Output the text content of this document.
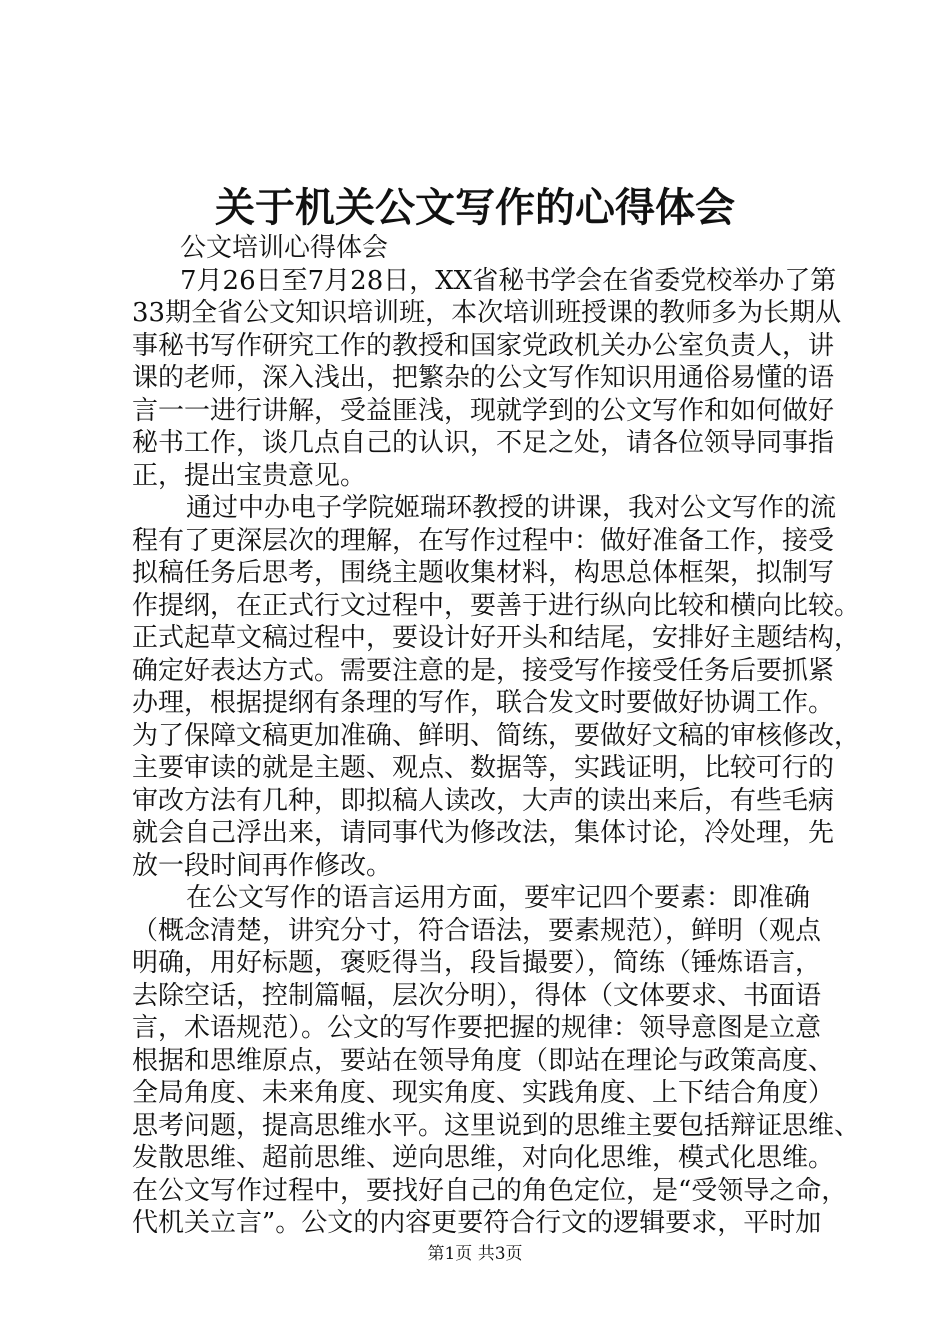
关于机关公文写作的心得体会
公文培训心得体会
7月26日至7月28日，XX省秘书学会在省委党校举办了第
33期全省公文知识培训班，本次培训班授课的教师多为长期从
事秘书写作研究工作的教授和国家党政机关办公室负责人，讲
课的老师，深入浅出，把繁杂的公文写作知识用通俗易懂的语
言一一进行讲解，受益匪浅，现就学到的公文写作和如何做好
秘书工作，谈几点自己的认识，不足之处，请各位领导同事指
正，提出宝贵意见。
通过中办电子学院姬瑞环教授的讲课，我对公文写作的流
程有了更深层次的理解，在写作过程中：做好准备工作，接受
拟稿任务后思考，围绕主题收集材料，构思总体框架，拟制写
作提纲，在正式行文过程中，要善于进行纵向比较和横向比较。
正式起草文稿过程中，要设计好开头和结尾，安排好主题结构，
确定好表达方式。需要注意的是，接受写作接受任务后要抓紧
办理，根据提纲有条理的写作，联合发文时要做好协调工作。
为了保障文稿更加准确、鲜明、简练，要做好文稿的审核修改，
主要审读的就是主题、观点、数据等，实践证明，比较可行的
审改方法有几种，即拟稿人读改，大声的读出来后，有些毛病
就会自己浮出来，请同事代为修改法，集体讨论，冷处理，先
放一段时间再作修改。
在公文写作的语言运用方面，要牢记四个要素：即准确
（概念清楚，讲究分寸，符合语法，要素规范），鲜明（观点
明确，用好标题，褒贬得当，段旨撮要），简练（锤炼语言，
去除空话，控制篇幅，层次分明），得体（文体要求、书面语
言，术语规范）。公文的写作要把握的规律：领导意图是立意
根据和思维原点，要站在领导角度（即站在理论与政策高度、
全局角度、未来角度、现实角度、实践角度、上下结合角度）
思考问题，提高思维水平。这里说到的思维主要包括辩证思维、
发散思维、超前思维、逆向思维，对向化思维，模式化思维。
在公文写作过程中，要找好自己的角色定位，是“受领导之命，
代机关立言”。公文的内容更要符合行文的逻辑要求，平时加
第1页 共3页
